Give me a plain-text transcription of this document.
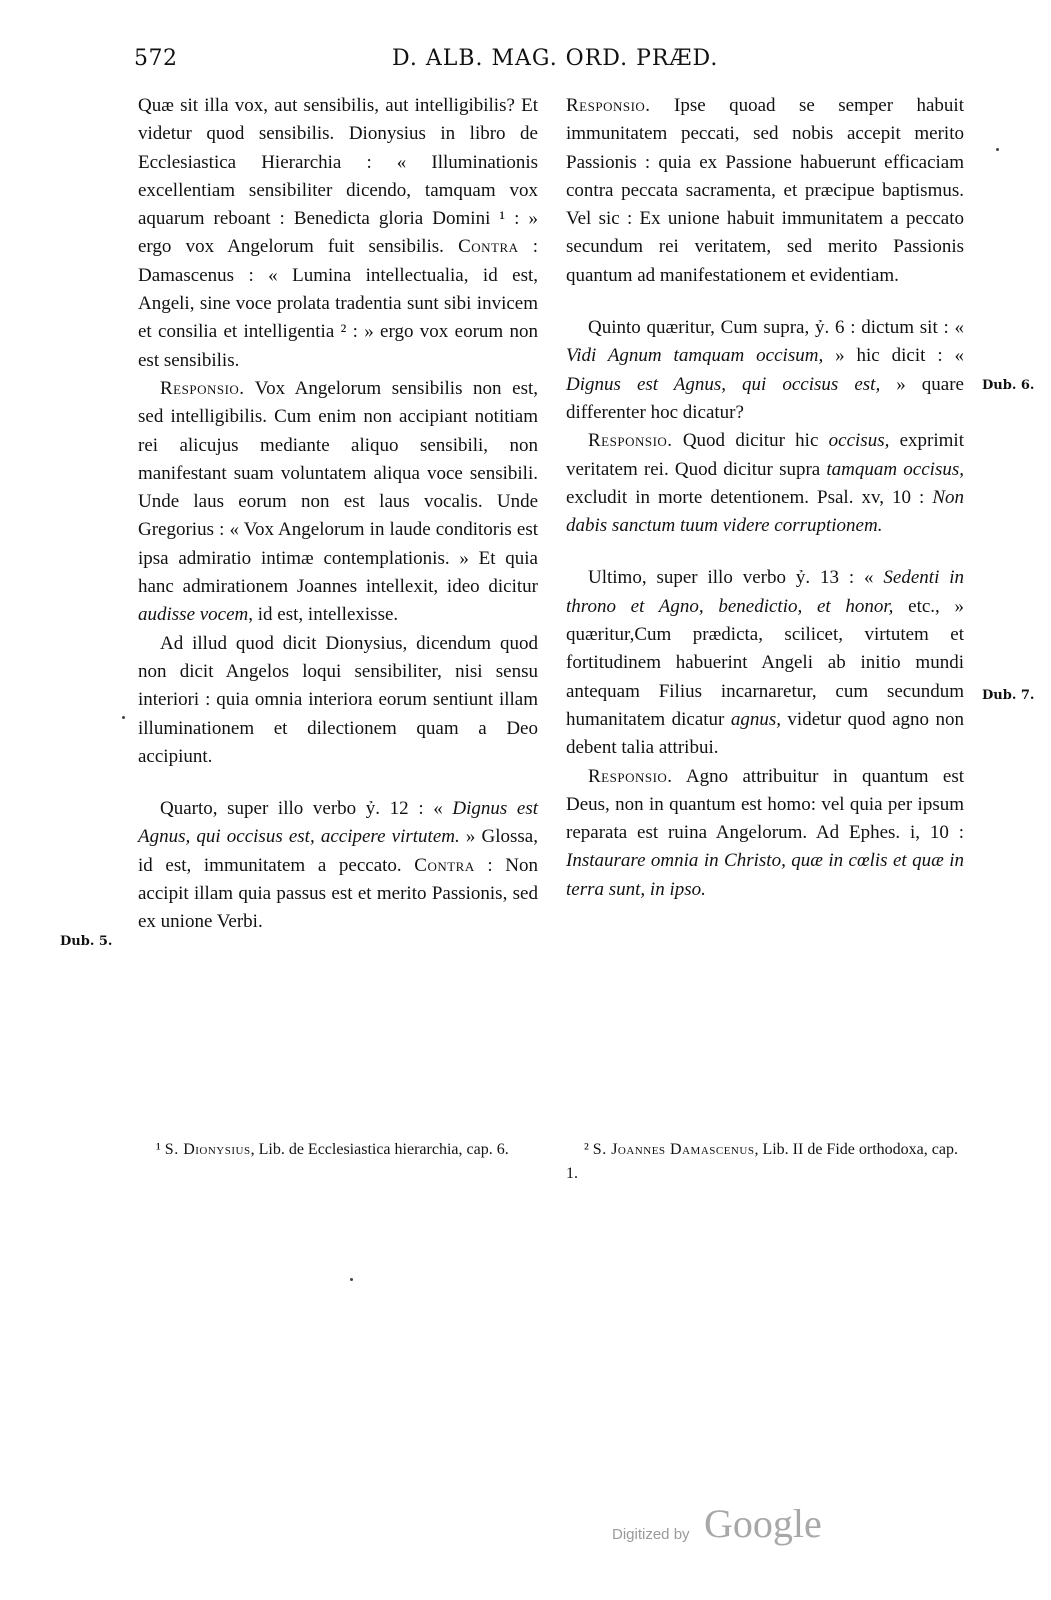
572	D. ALB. MAG. ORD. PRÆD.

Quæ sit illa vox, aut sensibilis, aut intelligibilis? Et videtur quod sensibilis. Dionysius in libro de Ecclesiastica Hierarchia : « Illuminationis excellentiam sensibiliter dicendo, tamquam vox aquarum reboant : Benedicta gloria Domini ¹ : » ergo vox Angelorum fuit sensibilis. Contra : Damascenus : « Lumina intellectualia, id est, Angeli, sine voce prolata tradentia sunt sibi invicem et consilia et intelligentia ² : » ergo vox eorum non est sensibilis.

Responsio. Vox Angelorum sensibilis non est, sed intelligibilis. Cum enim non accipiant notitiam rei alicujus mediante aliquo sensibili, non manifestant suam voluntatem aliqua voce sensibili. Unde laus eorum non est laus vocalis. Unde Gregorius : « Vox Angelorum in laude conditoris est ipsa admiratio intimæ contemplationis. » Et quia hanc admirationem Joannes intellexit, ideo dicitur audisse vocem, id est, intellexisse.

Ad illud quod dicit Dionysius, dicendum quod non dicit Angelos loqui sensibiliter, nisi sensu interiori : quia omnia interiora eorum sentiunt illam illuminationem et dilectionem quam a Deo accipiunt.

Quarto, super illo verbo ỷ. 12 : « Dignus est Agnus, qui occisus est, accipere virtutem. » Glossa, id est, immunitatem a peccato. Contra : Non accipit illam quia passus est et merito Passionis, sed ex unione Verbi.

Responsio. Ipse quoad se semper habuit immunitatem peccati, sed nobis accepit merito Passionis : quia ex Passione habuerunt efficaciam contra peccata sacramenta, et præcipue baptismus. Vel sic : Ex unione habuit immunitatem a peccato secundum rei veritatem, sed merito Passionis quantum ad manifestationem et evidentiam.

Quinto quæritur, Cum supra, ỷ. 6 : dictum sit : « Vidi Agnum tamquam occisum, » hic dicit : « Dignus est Agnus, qui occisus est, » quare differenter hoc dicatur?

Responsio. Quod dicitur hic occisus, exprimit veritatem rei. Quod dicitur supra tamquam occisus, excludit in morte detentionem. Psal. xv, 10 : Non dabis sanctum tuum videre corruptionem.

Ultimo, super illo verbo ỷ. 13 : « Sedenti in throno et Agno, benedictio, et honor, etc., » quæritur,Cum prædicta, scilicet, virtutem et fortitudinem habuerint Angeli ab initio mundi antequam Filius incarnaretur, cum secundum humanitatem dicatur agnus, videtur quod agno non debent talia attribui.

Responsio. Agno attribuitur in quantum est Deus, non in quantum est homo: vel quia per ipsum reparata est ruina Angelorum. Ad Ephes. i, 10 : Instaurare omnia in Christo, quæ in cœlis et quæ in terra sunt, in ipso.

Dub. 5.
Dub. 6.
Dub. 7.

¹ S. Dionysius, Lib. de Ecclesiastica hierarchia, cap. 6.	² S. Joannes Damascenus, Lib. II de Fide orthodoxa, cap. 1.

Digitized by Google
